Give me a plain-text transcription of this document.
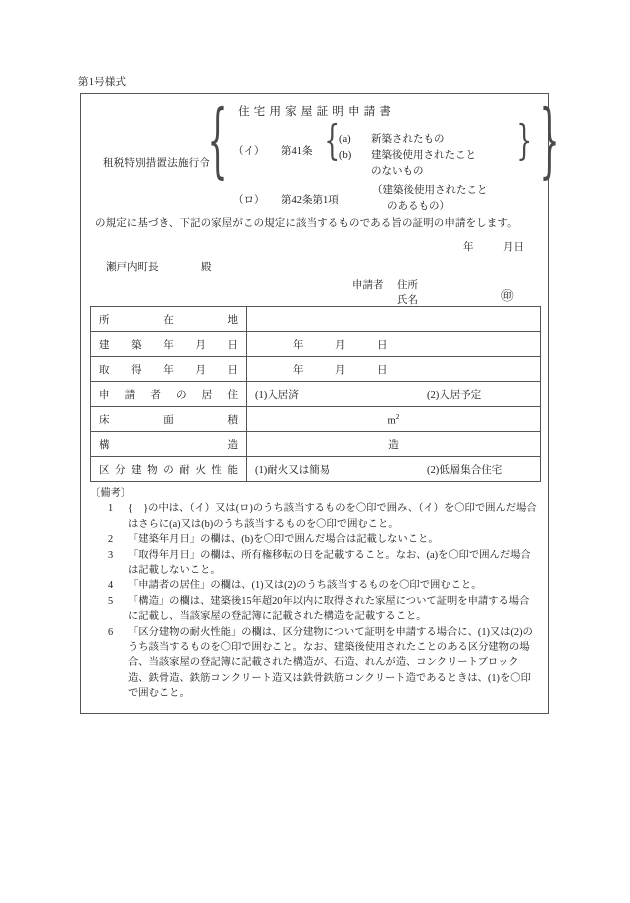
第1号様式
住宅用家屋証明申請書
租税特別措置法施行令
{	{	} }
（イ） 第41条
(a) 新築されたもの
(b) 建築後使用されたこと
のないもの
（ロ） 第42条第1項
（建築後使用されたこと
のあるもの）
の規定に基づき、下記の家屋がこの規定に該当するものである旨の証明の申請をします。
年	月日
瀬戸内町長	殿
申請者 住所
氏名	㊞
所在地	

建築年月日	年 月 日

取得年月日	年 月 日

申請者の居住	(1)入居済 (2)入居予定

床面積	$m^2$

構造	造

区分建物の耐火性能	(1)耐火又は簡易 (2)低層集合住宅
〔備考〕
1	{　}の中は、（イ）又は(ロ)のうち該当するものを〇印で囲み、（イ）を〇印で囲んだ場合はさらに(a)又は(b)のうち該当するものを〇印で囲むこと。
2	「建築年月日」の欄は、(b)を〇印で囲んだ場合は記載しないこと。
3	「取得年月日」の欄は、所有権移転の日を記載すること。なお、(a)を〇印で囲んだ場合は記載しないこと。
4	「申請者の居住」の欄は、(1)又は(2)のうち該当するものを〇印で囲むこと。
5	「構造」の欄は、建築後15年超20年以内に取得された家屋について証明を申請する場合に記載し、当該家屋の登記簿に記載された構造を記載すること。
6	「区分建物の耐火性能」の欄は、区分建物について証明を申請する場合に、(1)又は(2)のうち該当するものを〇印で囲むこと。なお、建築後使用されたことのある区分建物の場合、当該家屋の登記簿に記載された構造が、石造、れんが造、コンクリートブロック造、鉄骨造、鉄筋コンクリート造又は鉄骨鉄筋コンクリート造であるときは、(1)を〇印で囲むこと。
